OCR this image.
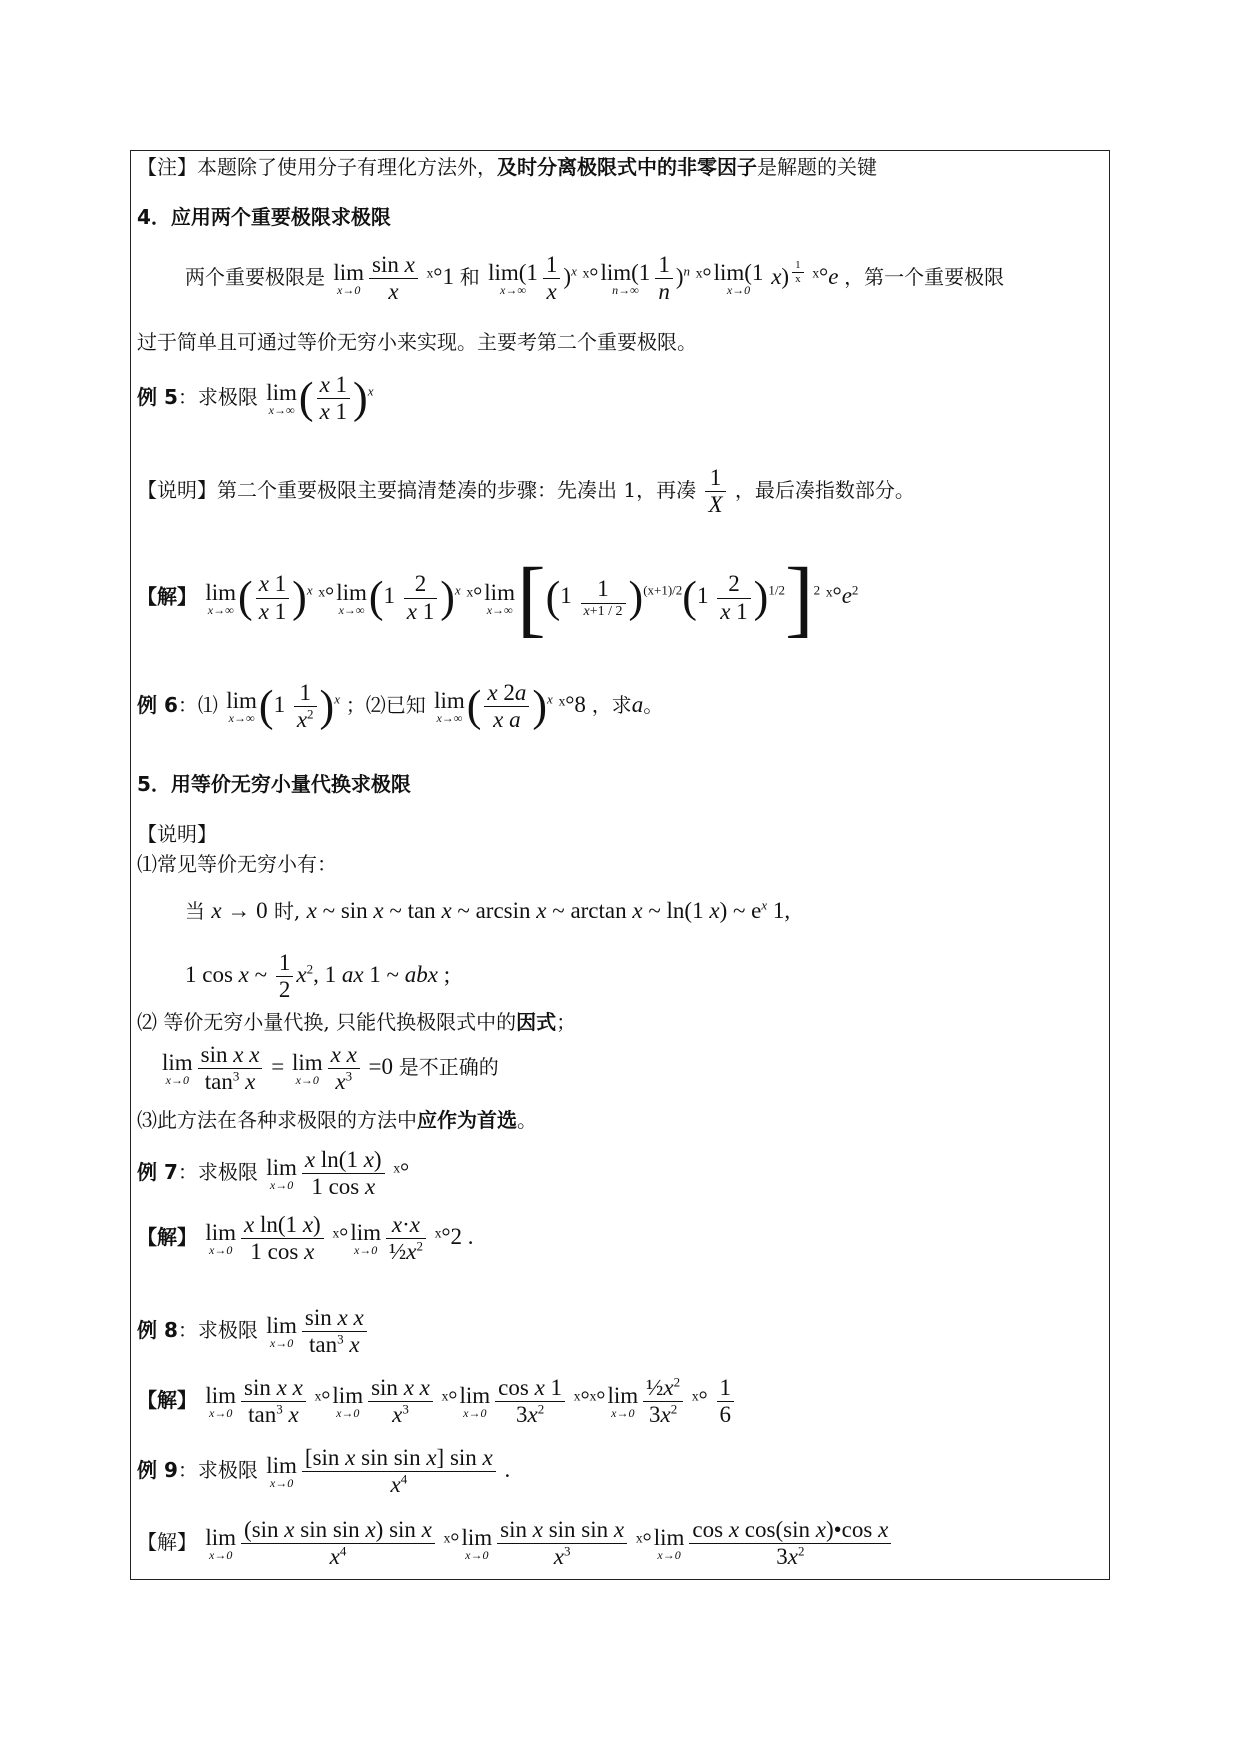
【注】本题除了使用分子有理化方法外，及时分离极限式中的非零因子是解题的关键
4．应用两个重要极限求极限
两个重要极限是 lim
$x\to 0 \frac{\text{sin x}}{x}$ ˣ°1 和 lim(1
$x\to\infty \frac{1}{x} )^x$ ˣ° lim(1
$n\to\infty \frac{1}{n} )^n$ ˣ° lim(1
x→0
x) $^{\frac{1}{x}}$ ˣ°e ，第一个重要极限
过于简单且可通过等价无穷小来实现。主要考第二个重要极限。
例 5：求极限 lim
x→∞ ( $\frac{x 1}{x 1} )^x$
【说明】第二个重要极限主要搞清楚凑的步骤：先凑出 1，再凑 $\frac{1}{X}$ ，最后凑指数部分。
【解】 lim
x→∞ ( $\frac{x 1}{x 1} )^x$ ˣ° lim
x→∞ $(1 \frac{2}{x 1} )^x$ ˣ° lim
x→∞ $[(1 \frac{1}{x+1 / 2} )^{(x+1)/2}(1 \frac{2}{x 1} )^{1/2}]^2$ $ˣ^\circ e^2$
例 6：⑴ lim
x→∞ $(1 \frac{1}{x^2} )^x$ ；⑵已知 lim
x→∞ ( $\frac{x 2a}{\text{x a}} )^x$ ˣ°8 ，求a。
5．用等价无穷小量代换求极限
【说明】
⑴常见等价无穷小有：
当 x → 0 时, x ~ sin x ~ tan x ~ arcsin x ~ arctan x ~ ln(1 x) ~ $e^x$ 1,
1 cos x ~ $\frac{1}{2} x^2$, 1 ax 1 ~ abx ;
⑵ 等价无穷小量代换, 只能代换极限式中的因式；
lim
$x\to 0 \frac{\text{sin x x}}{\tan^3 x} = \lim$
$x\to 0 \frac{\text{x x}}{x^3} =0$ 是不正确的
⑶此方法在各种求极限的方法中应作为首选。
例 7：求极限 lim
$x\to 0 \frac{\text{x ln(1 x)}}{\text{1 cos x}}$ ˣ°
【解】 lim
$x\to 0 \frac{\text{x ln(1 x)}}{\text{1 cos x}}$ ˣ° lim
$x\to 0 \frac{x\cdot x}{\frac{1}{2}x^2}$ ˣ°2 .
例 8：求极限 lim
$x\to 0 \frac{\text{sin x x}}{\tan^3 x}$
【解】 lim
$x\to 0 \frac{\text{sin x x}}{\tan^3 x}$ ˣ° lim
$x\to 0 \frac{\text{sin x x}}{x^3}$ ˣ° lim
$x\to 0 \frac{\text{cos x 1}}{3x^2}$ ˣ°ˣ° lim
$x\to 0 \frac{\frac{1}{2}x^2}{3x^2}$ ˣ° $\frac{1}{6}$
例 9：求极限 lim
$x\to 0 \frac{\text{[sin x sin sin x] sin x}}{x^4}$ .
【解】 lim
$x\to 0 \frac{\text{(sin x sin sin x) sin x}}{x^4}$ ˣ° lim
$x\to 0 \frac{\text{sin x sin sin x}}{x^3}$ ˣ° lim
$x\to 0 \frac{\text{cos x cos(sin x)•cos x}}{3x^2}$
